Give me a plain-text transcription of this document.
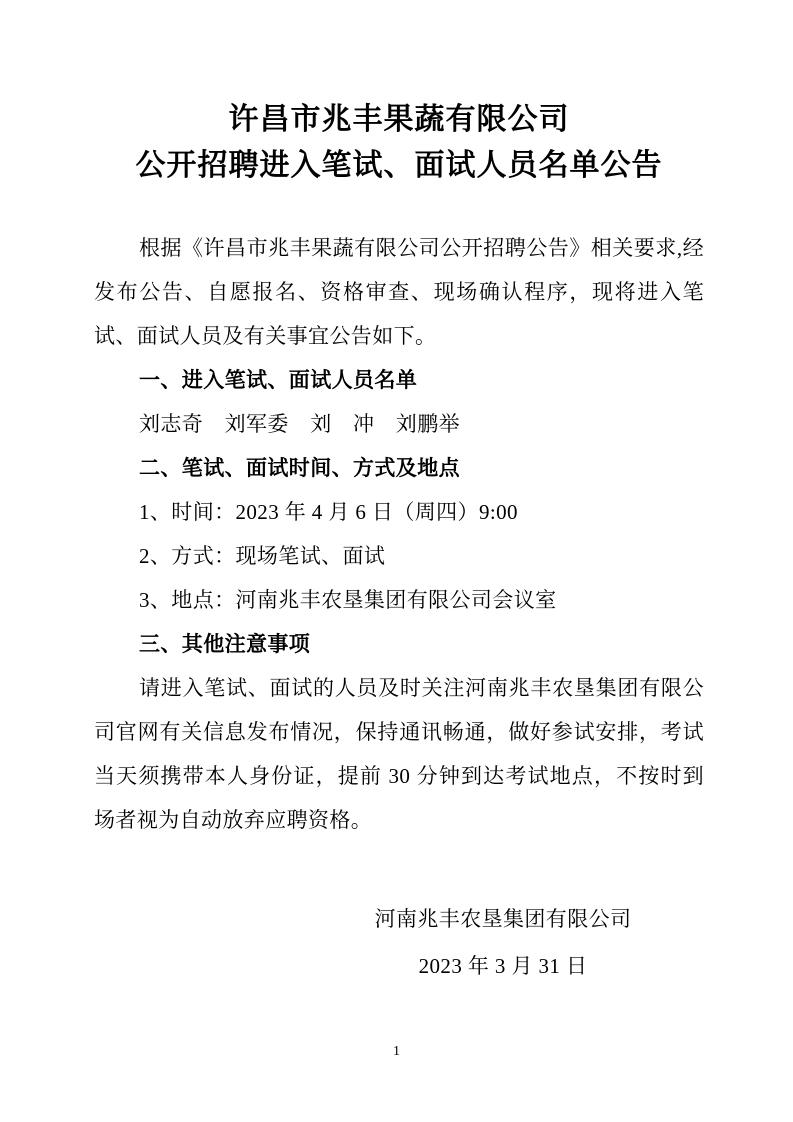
许昌市兆丰果蔬有限公司
公开招聘进入笔试、面试人员名单公告

根据《许昌市兆丰果蔬有限公司公开招聘公告》相关要求,经发布公告、自愿报名、资格审查、现场确认程序，现将进入笔试、面试人员及有关事宜公告如下。

一、进入笔试、面试人员名单

刘志奇　刘军委　刘　冲　刘鹏举

二、笔试、面试时间、方式及地点

1、时间：2023 年 4 月 6 日（周四）9:00

2、方式：现场笔试、面试

3、地点：河南兆丰农垦集团有限公司会议室

三、其他注意事项

请进入笔试、面试的人员及时关注河南兆丰农垦集团有限公司官网有关信息发布情况，保持通讯畅通，做好参试安排，考试当天须携带本人身份证，提前 30 分钟到达考试地点，不按时到场者视为自动放弃应聘资格。

河南兆丰农垦集团有限公司

2023 年 3 月 31 日

1
